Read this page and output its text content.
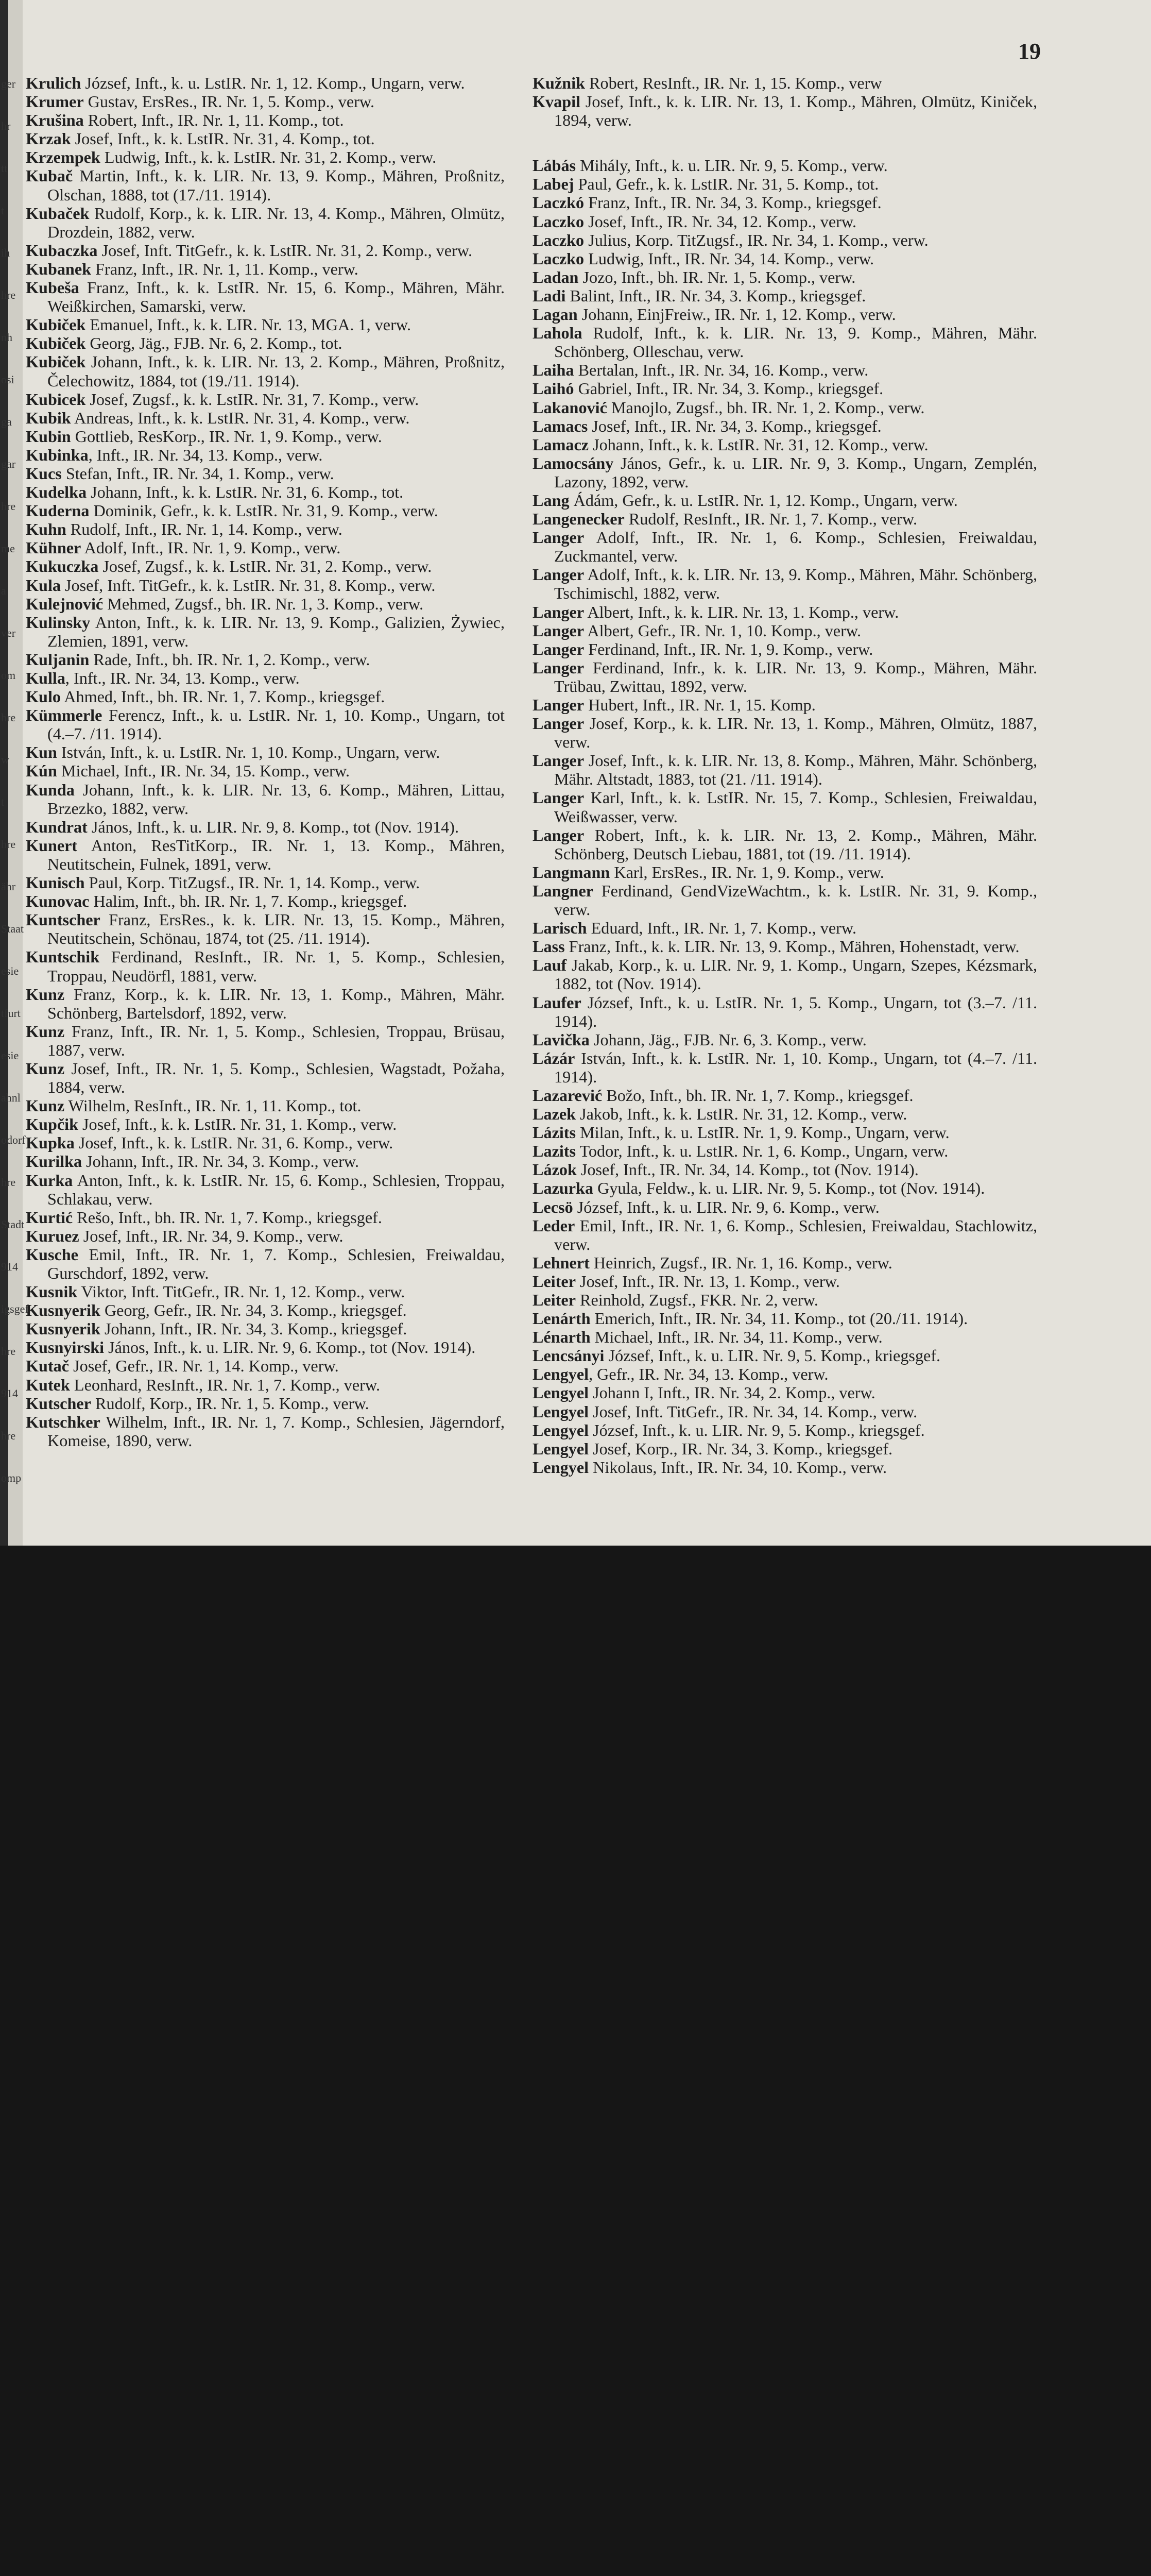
ger
hr
tt
t
ih
hre
nh
osi
ga
gar
hre
me
a
ver
om
hre
w
t
hre
ähr
Staat
esie
tfurt
esie
ahnl
odorf
hre
Stadt
914
igsgef
hre
914
hre
omp
19
Krulich József, Inft., k. u. LstIR. Nr. 1, 12. Komp., Ungarn, verw.
Krumer Gustav, ErsRes., IR. Nr. 1, 5. Komp., verw.
Krušina Robert, Inft., IR. Nr. 1, 11. Komp., tot.
Krzak Josef, Inft., k. k. LstIR. Nr. 31, 4. Komp., tot.
Krzempek Ludwig, Inft., k. k. LstIR. Nr. 31, 2. Komp., verw.
Kubač Martin, Inft., k. k. LIR. Nr. 13, 9. Komp., Mähren, Proßnitz, Olschan, 1888, tot (17./11. 1914).
Kubaček Rudolf, Korp., k. k. LIR. Nr. 13, 4. Komp., Mähren, Olmütz, Drozdein, 1882, verw.
Kubaczka Josef, Inft. TitGefr., k. k. LstIR. Nr. 31, 2. Komp., verw.
Kubanek Franz, Inft., IR. Nr. 1, 11. Komp., verw.
Kubeša Franz, Inft., k. k. LstIR. Nr. 15, 6. Komp., Mähren, Mähr. Weißkirchen, Samarski, verw.
Kubiček Emanuel, Inft., k. k. LIR. Nr. 13, MGA. 1, verw.
Kubiček Georg, Jäg., FJB. Nr. 6, 2. Komp., tot.
Kubiček Johann, Inft., k. k. LIR. Nr. 13, 2. Komp., Mähren, Proßnitz, Čelechowitz, 1884, tot (19./11. 1914).
Kubicek Josef, Zugsf., k. k. LstIR. Nr. 31, 7. Komp., verw.
Kubik Andreas, Inft., k. k. LstIR. Nr. 31, 4. Komp., verw.
Kubin Gottlieb, ResKorp., IR. Nr. 1, 9. Komp., verw.
Kubinka, Inft., IR. Nr. 34, 13. Komp., verw.
Kucs Stefan, Inft., IR. Nr. 34, 1. Komp., verw.
Kudelka Johann, Inft., k. k. LstIR. Nr. 31, 6. Komp., tot.
Kuderna Dominik, Gefr., k. k. LstIR. Nr. 31, 9. Komp., verw.
Kuhn Rudolf, Inft., IR. Nr. 1, 14. Komp., verw.
Kühner Adolf, Inft., IR. Nr. 1, 9. Komp., verw.
Kukuczka Josef, Zugsf., k. k. LstIR. Nr. 31, 2. Komp., verw.
Kula Josef, Inft. TitGefr., k. k. LstIR. Nr. 31, 8. Komp., verw.
Kulejnović Mehmed, Zugsf., bh. IR. Nr. 1, 3. Komp., verw.
Kulinsky Anton, Inft., k. k. LIR. Nr. 13, 9. Komp., Galizien, Żywiec, Zlemien, 1891, verw.
Kuljanin Rade, Inft., bh. IR. Nr. 1, 2. Komp., verw.
Kulla, Inft., IR. Nr. 34, 13. Komp., verw.
Kulo Ahmed, Inft., bh. IR. Nr. 1, 7. Komp., kriegsgef.
Kümmerle Ferencz, Inft., k. u. LstIR. Nr. 1, 10. Komp., Ungarn, tot (4.–7. /11. 1914).
Kun István, Inft., k. u. LstIR. Nr. 1, 10. Komp., Ungarn, verw.
Kún Michael, Inft., IR. Nr. 34, 15. Komp., verw.
Kunda Johann, Inft., k. k. LIR. Nr. 13, 6. Komp., Mähren, Littau, Brzezko, 1882, verw.
Kundrat János, Inft., k. u. LIR. Nr. 9, 8. Komp., tot (Nov. 1914).
Kunert Anton, ResTitKorp., IR. Nr. 1, 13. Komp., Mähren, Neutitschein, Fulnek, 1891, verw.
Kunisch Paul, Korp. TitZugsf., IR. Nr. 1, 14. Komp., verw.
Kunovac Halim, Inft., bh. IR. Nr. 1, 7. Komp., kriegsgef.
Kuntscher Franz, ErsRes., k. k. LIR. Nr. 13, 15. Komp., Mähren, Neutitschein, Schönau, 1874, tot (25. /11. 1914).
Kuntschik Ferdinand, ResInft., IR. Nr. 1, 5. Komp., Schlesien, Troppau, Neudörfl, 1881, verw.
Kunz Franz, Korp., k. k. LIR. Nr. 13, 1. Komp., Mähren, Mähr. Schönberg, Bartelsdorf, 1892, verw.
Kunz Franz, Inft., IR. Nr. 1, 5. Komp., Schlesien, Troppau, Brüsau, 1887, verw.
Kunz Josef, Inft., IR. Nr. 1, 5. Komp., Schlesien, Wagstadt, Požaha, 1884, verw.
Kunz Wilhelm, ResInft., IR. Nr. 1, 11. Komp., tot.
Kupčik Josef, Inft., k. k. LstIR. Nr. 31, 1. Komp., verw.
Kupka Josef, Inft., k. k. LstIR. Nr. 31, 6. Komp., verw.
Kurilka Johann, Inft., IR. Nr. 34, 3. Komp., verw.
Kurka Anton, Inft., k. k. LstIR. Nr. 15, 6. Komp., Schlesien, Troppau, Schlakau, verw.
Kurtić Rešo, Inft., bh. IR. Nr. 1, 7. Komp., kriegsgef.
Kuruez Josef, Inft., IR. Nr. 34, 9. Komp., verw.
Kusche Emil, Inft., IR. Nr. 1, 7. Komp., Schlesien, Freiwaldau, Gurschdorf, 1892, verw.
Kusnik Viktor, Inft. TitGefr., IR. Nr. 1, 12. Komp., verw.
Kusnyerik Georg, Gefr., IR. Nr. 34, 3. Komp., kriegsgef.
Kusnyerik Johann, Inft., IR. Nr. 34, 3. Komp., kriegsgef.
Kusnyirski János, Inft., k. u. LIR. Nr. 9, 6. Komp., tot (Nov. 1914).
Kutač Josef, Gefr., IR. Nr. 1, 14. Komp., verw.
Kutek Leonhard, ResInft., IR. Nr. 1, 7. Komp., verw.
Kutscher Rudolf, Korp., IR. Nr. 1, 5. Komp., verw.
Kutschker Wilhelm, Inft., IR. Nr. 1, 7. Komp., Schlesien, Jägerndorf, Komeise, 1890, verw.
Kužnik Robert, ResInft., IR. Nr. 1, 15. Komp., verw
Kvapil Josef, Inft., k. k. LIR. Nr. 13, 1. Komp., Mähren, Olmütz, Kiniček, 1894, verw.
Lábás Mihály, Inft., k. u. LIR. Nr. 9, 5. Komp., verw.
Labej Paul, Gefr., k. k. LstIR. Nr. 31, 5. Komp., tot.
Laczkó Franz, Inft., IR. Nr. 34, 3. Komp., kriegsgef.
Laczko Josef, Inft., IR. Nr. 34, 12. Komp., verw.
Laczko Julius, Korp. TitZugsf., IR. Nr. 34, 1. Komp., verw.
Laczko Ludwig, Inft., IR. Nr. 34, 14. Komp., verw.
Ladan Jozo, Inft., bh. IR. Nr. 1, 5. Komp., verw.
Ladi Balint, Inft., IR. Nr. 34, 3. Komp., kriegsgef.
Lagan Johann, EinjFreiw., IR. Nr. 1, 12. Komp., verw.
Lahola Rudolf, Inft., k. k. LIR. Nr. 13, 9. Komp., Mähren, Mähr. Schönberg, Olleschau, verw.
Laiha Bertalan, Inft., IR. Nr. 34, 16. Komp., verw.
Laihó Gabriel, Inft., IR. Nr. 34, 3. Komp., kriegsgef.
Lakanović Manojlo, Zugsf., bh. IR. Nr. 1, 2. Komp., verw.
Lamacs Josef, Inft., IR. Nr. 34, 3. Komp., kriegsgef.
Lamacz Johann, Inft., k. k. LstIR. Nr. 31, 12. Komp., verw.
Lamocsány János, Gefr., k. u. LIR. Nr. 9, 3. Komp., Ungarn, Zemplén, Lazony, 1892, verw.
Lang Ádám, Gefr., k. u. LstIR. Nr. 1, 12. Komp., Ungarn, verw.
Langenecker Rudolf, ResInft., IR. Nr. 1, 7. Komp., verw.
Langer Adolf, Inft., IR. Nr. 1, 6. Komp., Schlesien, Freiwaldau, Zuckmantel, verw.
Langer Adolf, Inft., k. k. LIR. Nr. 13, 9. Komp., Mähren, Mähr. Schönberg, Tschimischl, 1882, verw.
Langer Albert, Inft., k. k. LIR. Nr. 13, 1. Komp., verw.
Langer Albert, Gefr., IR. Nr. 1, 10. Komp., verw.
Langer Ferdinand, Inft., IR. Nr. 1, 9. Komp., verw.
Langer Ferdinand, Infr., k. k. LIR. Nr. 13, 9. Komp., Mähren, Mähr. Trübau, Zwittau, 1892, verw.
Langer Hubert, Inft., IR. Nr. 1, 15. Komp.
Langer Josef, Korp., k. k. LIR. Nr. 13, 1. Komp., Mähren, Olmütz, 1887, verw.
Langer Josef, Inft., k. k. LIR. Nr. 13, 8. Komp., Mähren, Mähr. Schönberg, Mähr. Altstadt, 1883, tot (21. /11. 1914).
Langer Karl, Inft., k. k. LstIR. Nr. 15, 7. Komp., Schlesien, Freiwaldau, Weißwasser, verw.
Langer Robert, Inft., k. k. LIR. Nr. 13, 2. Komp., Mähren, Mähr. Schönberg, Deutsch Liebau, 1881, tot (19. /11. 1914).
Langmann Karl, ErsRes., IR. Nr. 1, 9. Komp., verw.
Langner Ferdinand, GendVizeWachtm., k. k. LstIR. Nr. 31, 9. Komp., verw.
Larisch Eduard, Inft., IR. Nr. 1, 7. Komp., verw.
Lass Franz, Inft., k. k. LIR. Nr. 13, 9. Komp., Mähren, Hohenstadt, verw.
Lauf Jakab, Korp., k. u. LIR. Nr. 9, 1. Komp., Ungarn, Szepes, Kézsmark, 1882, tot (Nov. 1914).
Laufer József, Inft., k. u. LstIR. Nr. 1, 5. Komp., Ungarn, tot (3.–7. /11. 1914).
Lavička Johann, Jäg., FJB. Nr. 6, 3. Komp., verw.
Lázár István, Inft., k. k. LstIR. Nr. 1, 10. Komp., Ungarn, tot (4.–7. /11. 1914).
Lazarević Božo, Inft., bh. IR. Nr. 1, 7. Komp., kriegsgef.
Lazek Jakob, Inft., k. k. LstIR. Nr. 31, 12. Komp., verw.
Lázits Milan, Inft., k. u. LstIR. Nr. 1, 9. Komp., Ungarn, verw.
Lazits Todor, Inft., k. u. LstIR. Nr. 1, 6. Komp., Ungarn, verw.
Lázok Josef, Inft., IR. Nr. 34, 14. Komp., tot (Nov. 1914).
Lazurka Gyula, Feldw., k. u. LIR. Nr. 9, 5. Komp., tot (Nov. 1914).
Lecsö József, Inft., k. u. LIR. Nr. 9, 6. Komp., verw.
Leder Emil, Inft., IR. Nr. 1, 6. Komp., Schlesien, Freiwaldau, Stachlowitz, verw.
Lehnert Heinrich, Zugsf., IR. Nr. 1, 16. Komp., verw.
Leiter Josef, Inft., IR. Nr. 13, 1. Komp., verw.
Leiter Reinhold, Zugsf., FKR. Nr. 2, verw.
Lenárth Emerich, Inft., IR. Nr. 34, 11. Komp., tot (20./11. 1914).
Lénarth Michael, Inft., IR. Nr. 34, 11. Komp., verw.
Lencsányi József, Inft., k. u. LIR. Nr. 9, 5. Komp., kriegsgef.
Lengyel, Gefr., IR. Nr. 34, 13. Komp., verw.
Lengyel Johann I, Inft., IR. Nr. 34, 2. Komp., verw.
Lengyel Josef, Inft. TitGefr., IR. Nr. 34, 14. Komp., verw.
Lengyel József, Inft., k. u. LIR. Nr. 9, 5. Komp., kriegsgef.
Lengyel Josef, Korp., IR. Nr. 34, 3. Komp., kriegsgef.
Lengyel Nikolaus, Inft., IR. Nr. 34, 10. Komp., verw.
